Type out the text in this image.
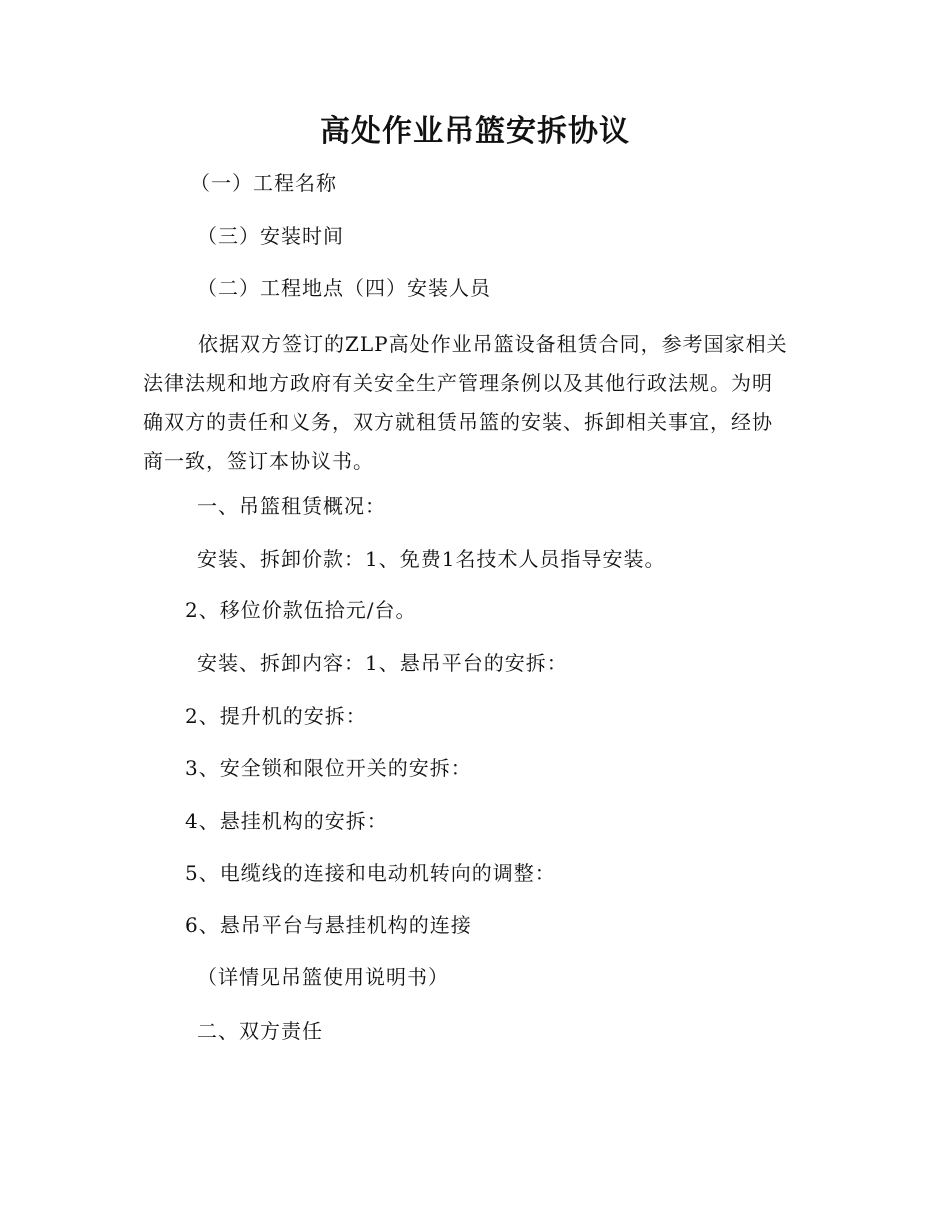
高处作业吊篮安拆协议
（一）工程名称
（三）安装时间
（二）工程地点（四）安装人员
依据双方签订的ZLP高处作业吊篮设备租赁合同，参考国家相关
法律法规和地方政府有关安全生产管理条例以及其他行政法规。为明
确双方的责任和义务，双方就租赁吊篮的安装、拆卸相关事宜，经协
商一致，签订本协议书。
一、吊篮租赁概况：
安装、拆卸价款：1、免费1名技术人员指导安装。
2、移位价款伍拾元/台。
安装、拆卸内容：1、悬吊平台的安拆：
2、提升机的安拆：
3、安全锁和限位开关的安拆：
4、悬挂机构的安拆：
5、电缆线的连接和电动机转向的调整：
6、悬吊平台与悬挂机构的连接
（详情见吊篮使用说明书）
二、双方责任
